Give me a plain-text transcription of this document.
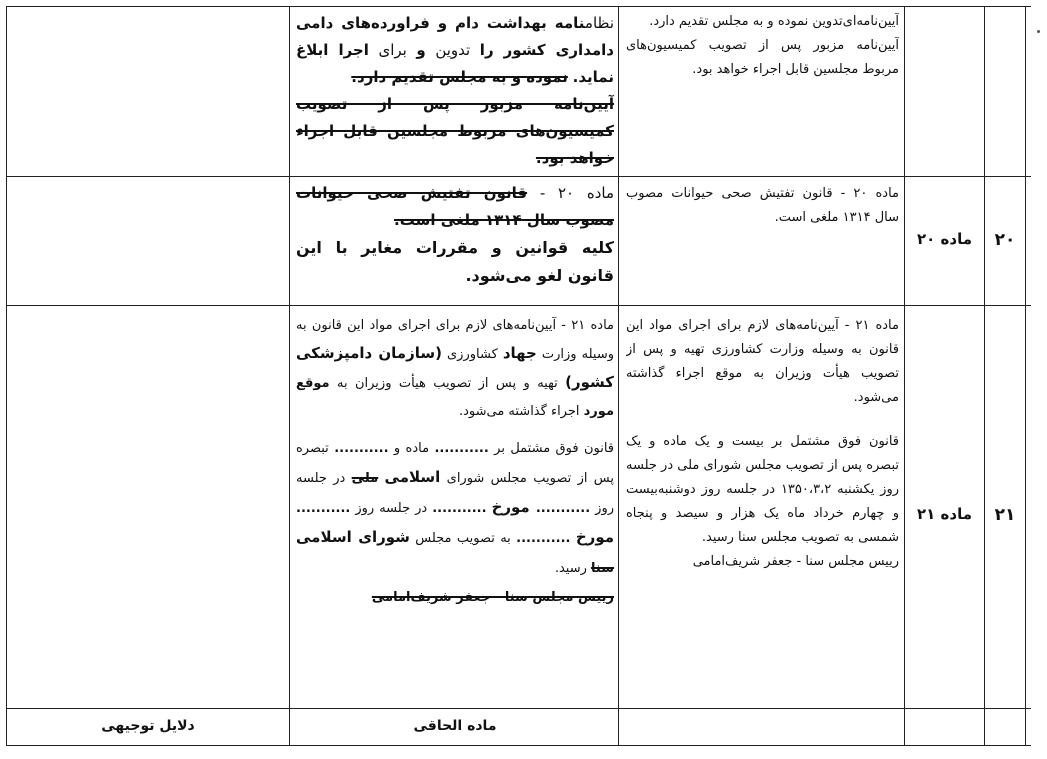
آیین‌نامه‌ای‌تدوین نموده و به مجلس تقدیم دارد.

آیین‌نامه مزبور پس از تصویب کمیسیون‌های مربوط مجلسین قابل اجراء خواهد بود.

نظامنامه بهداشت دام و فراورده‌های دامی دامداری کشور را تدوین و برای اجرا ابلاغ نماید. نموده و به مجلس تقدیم دارد.

آیین‌نامه مزبور پس از تصویب کمیسیون‌های مربوط مجلسین قابل اجراء خواهد بود.

۲۰
ماده ۲۰

ماده ۲۰ - قانون تفتیش صحی حیوانات مصوب سال ۱۳۱۴ ملغی است.

ماده ۲۰ - قانون تفتیش صحی حیوانات مصوب سال ۱۳۱۴ ملغی است.

کلیه قوانین و مقررات مغایر با این قانون لغو می‌شود.

۲۱
ماده ۲۱

ماده ۲۱ - آیین‌نامه‌های لازم برای اجرای مواد این قانون به وسیله وزارت کشاورزی تهیه و پس از تصویب هیأت وزیران به موقع اجراء گذاشته می‌شود.

قانون فوق مشتمل بر بیست و یک ماده و یک تبصره پس از تصویب مجلس شورای ملی در جلسه روز یکشنبه ۱۳۵۰،۳،۲ در جلسه روز دوشنبه‌بیست و چهارم خرداد ماه یک هزار و سیصد و پنجاه شمسی به تصویب مجلس سنا رسید.

رییس مجلس سنا - جعفر شریف‌امامی

ماده ۲۱ - آیین‌نامه‌های لازم برای اجرای مواد این قانون به وسیله وزارت جهاد کشاورزی (سازمان دامپزشکی کشور) تهیه و پس از تصویب هیأت وزیران به موقع مورد اجراء گذاشته می‌شود.

قانون فوق مشتمل بر ........... ماده و ........... تبصره پس از تصویب مجلس شورای اسلامی ملی در جلسه روز ........... مورخ ........... در جلسه روز ........... مورخ ........... به تصویب مجلس شورای اسلامی سنا رسید.

رییس مجلس سنا - جعفر شریف‌امامی

ماده الحاقی
دلایل توجیهی
